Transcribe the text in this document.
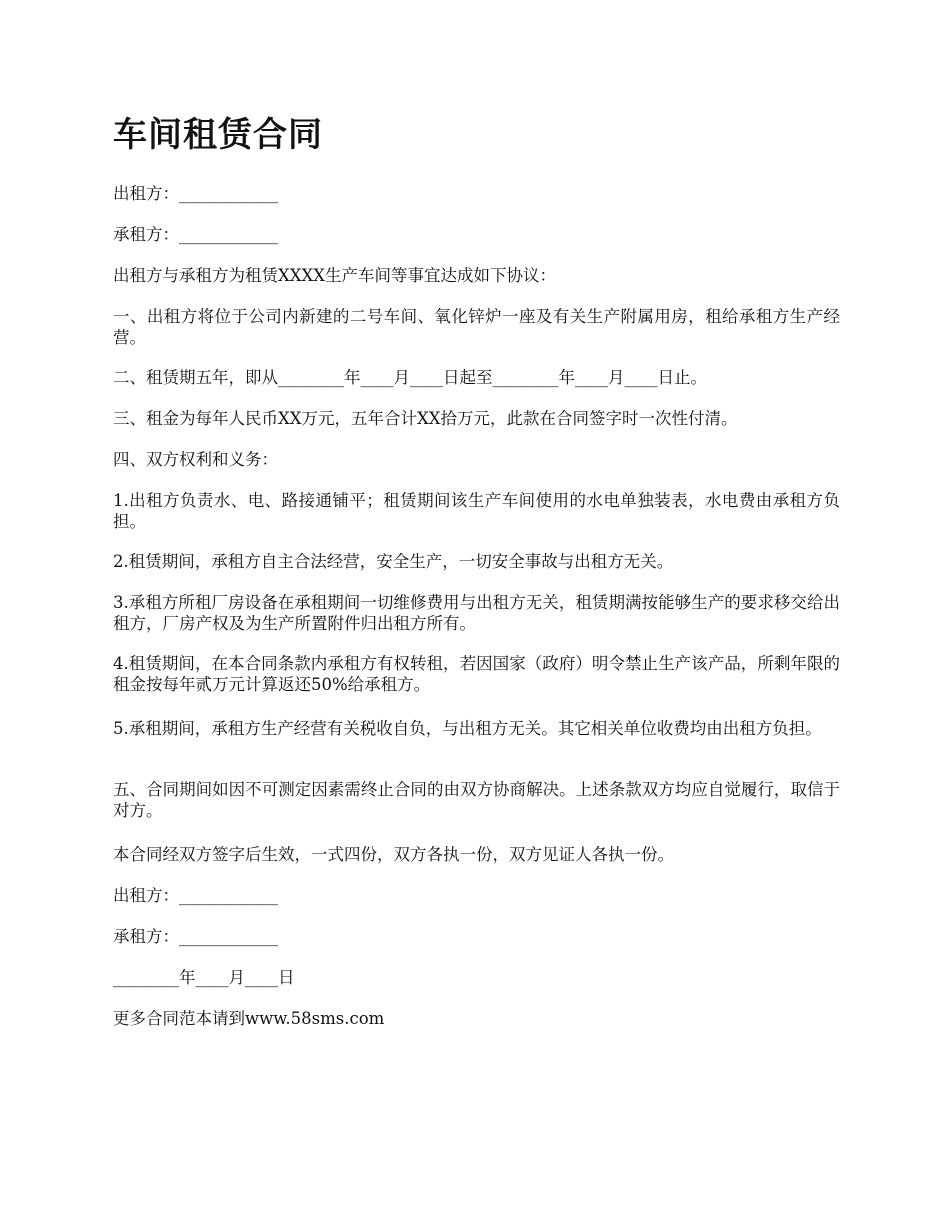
车间租赁合同

出租方：____________

承租方：____________

出租方与承租方为租赁XXXX生产车间等事宜达成如下协议：

一、出租方将位于公司内新建的二号车间、氧化锌炉一座及有关生产附属用房，租给承租方生产经营。

二、租赁期五年，即从________年____月____日起至________年____月____日止。

三、租金为每年人民币XX万元，五年合计XX拾万元，此款在合同签字时一次性付清。

四、双方权利和义务：

1.出租方负责水、电、路接通铺平；租赁期间该生产车间使用的水电单独装表，水电费由承租方负担。

2.租赁期间，承租方自主合法经营，安全生产，一切安全事故与出租方无关。

3.承租方所租厂房设备在承租期间一切维修费用与出租方无关，租赁期满按能够生产的要求移交给出租方，厂房产权及为生产所置附件归出租方所有。

4.租赁期间，在本合同条款内承租方有权转租，若因国家（政府）明令禁止生产该产品，所剩年限的租金按每年贰万元计算返还50%给承租方。

5.承租期间，承租方生产经营有关税收自负，与出租方无关。其它相关单位收费均由出租方负担。

五、合同期间如因不可测定因素需终止合同的由双方协商解决。上述条款双方均应自觉履行，取信于对方。

本合同经双方签字后生效，一式四份，双方各执一份，双方见证人各执一份。

出租方：____________

承租方：____________

________年____月____日

更多合同范本请到www.58sms.com
